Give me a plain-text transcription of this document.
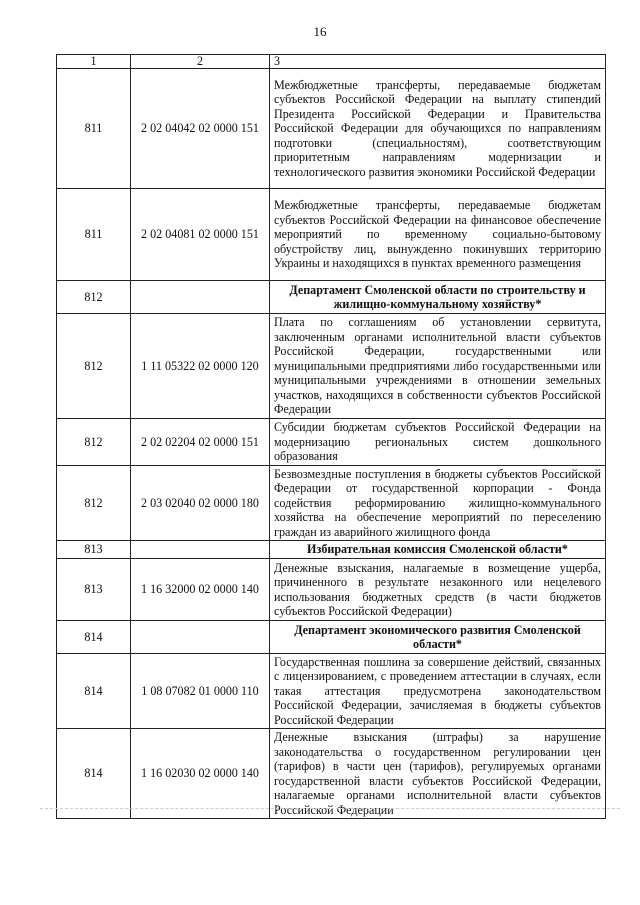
16
1	2	3
811	2 02 04042 02 0000 151	Межбюджетные трансферты, передаваемые бюджетам субъектов Российской Федерации на выплату стипендий Президента Российской Федерации и Правительства Российской Федерации для обучающихся по направлениям подготовки (специальностям), соответствующим приоритетным направлениям модернизации и технологического развития экономики Российской Федерации
811	2 02 04081 02 0000 151	Межбюджетные трансферты, передаваемые бюджетам субъектов Российской Федерации на финансовое обеспечение мероприятий по временному социально-бытовому обустройству лиц, вынужденно покинувших территорию Украины и находящихся в пунктах временного размещения
812		Департамент Смоленской области по строительству и жилищно-коммунальному хозяйству*
812	1 11 05322 02 0000 120	Плата по соглашениям об установлении сервитута, заключенным органами исполнительной власти субъектов Российской Федерации, государственными или муниципальными предприятиями либо государственными или муниципальными учреждениями в отношении земельных участков, находящихся в собственности субъектов Российской Федерации
812	2 02 02204 02 0000 151	Субсидии бюджетам субъектов Российской Федерации на модернизацию региональных систем дошкольного образования
812	2 03 02040 02 0000 180	Безвозмездные поступления в бюджеты субъектов Российской Федерации от государственной корпорации - Фонда содействия реформированию жилищно-коммунального хозяйства на обеспечение мероприятий по переселению граждан из аварийного жилищного фонда
813		Избирательная комиссия Смоленской области*
813	1 16 32000 02 0000 140	Денежные взыскания, налагаемые в возмещение ущерба, причиненного в результате незаконного или нецелевого использования бюджетных средств (в части бюджетов субъектов Российской Федерации)
814		Департамент экономического развития Смоленской области*
814	1 08 07082 01 0000 110	Государственная пошлина за совершение действий, связанных с лицензированием, с проведением аттестации в случаях, если такая аттестация предусмотрена законодательством Российской Федерации, зачисляемая в бюджеты субъектов Российской Федерации
814	1 16 02030 02 0000 140	Денежные взыскания (штрафы) за нарушение законодательства о государственном регулировании цен (тарифов) в части цен (тарифов), регулируемых органами государственной власти субъектов Российской Федерации, налагаемые органами исполнительной власти субъектов Российской Федерации
